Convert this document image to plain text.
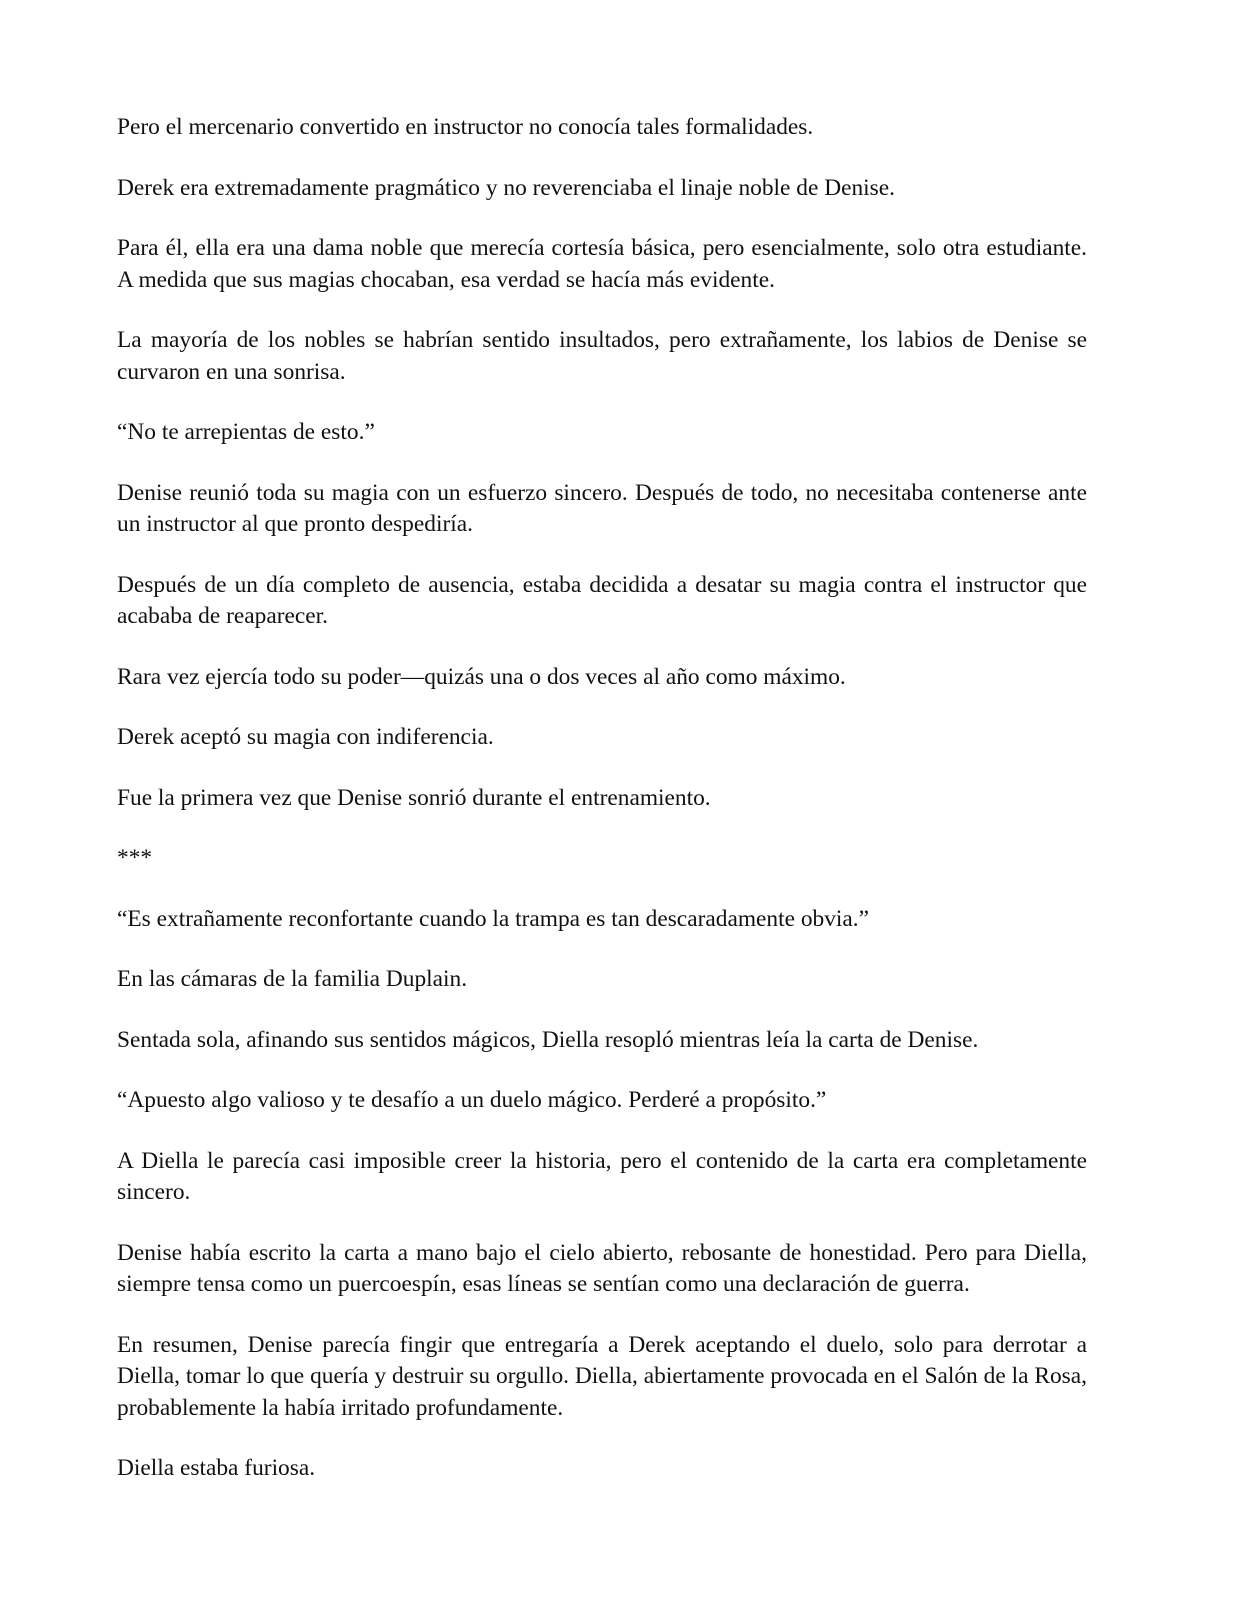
Pero el mercenario convertido en instructor no conocía tales formalidades.

Derek era extremadamente pragmático y no reverenciaba el linaje noble de Denise.

Para él, ella era una dama noble que merecía cortesía básica, pero esencialmente, solo otra estudiante. A medida que sus magias chocaban, esa verdad se hacía más evidente.

La mayoría de los nobles se habrían sentido insultados, pero extrañamente, los labios de Denise se curvaron en una sonrisa.

“No te arrepientas de esto.”

Denise reunió toda su magia con un esfuerzo sincero. Después de todo, no necesitaba contenerse ante un instructor al que pronto despediría.

Después de un día completo de ausencia, estaba decidida a desatar su magia contra el instructor que acababa de reaparecer.

Rara vez ejercía todo su poder—quizás una o dos veces al año como máximo.

Derek aceptó su magia con indiferencia.

Fue la primera vez que Denise sonrió durante el entrenamiento.

***

“Es extrañamente reconfortante cuando la trampa es tan descaradamente obvia.”

En las cámaras de la familia Duplain.

Sentada sola, afinando sus sentidos mágicos, Diella resopló mientras leía la carta de Denise.

“Apuesto algo valioso y te desafío a un duelo mágico. Perderé a propósito.”

A Diella le parecía casi imposible creer la historia, pero el contenido de la carta era completamente sincero.

Denise había escrito la carta a mano bajo el cielo abierto, rebosante de honestidad. Pero para Diella, siempre tensa como un puercoespín, esas líneas se sentían como una declaración de guerra.

En resumen, Denise parecía fingir que entregaría a Derek aceptando el duelo, solo para derrotar a Diella, tomar lo que quería y destruir su orgullo. Diella, abiertamente provocada en el Salón de la Rosa, probablemente la había irritado profundamente.

Diella estaba furiosa.
